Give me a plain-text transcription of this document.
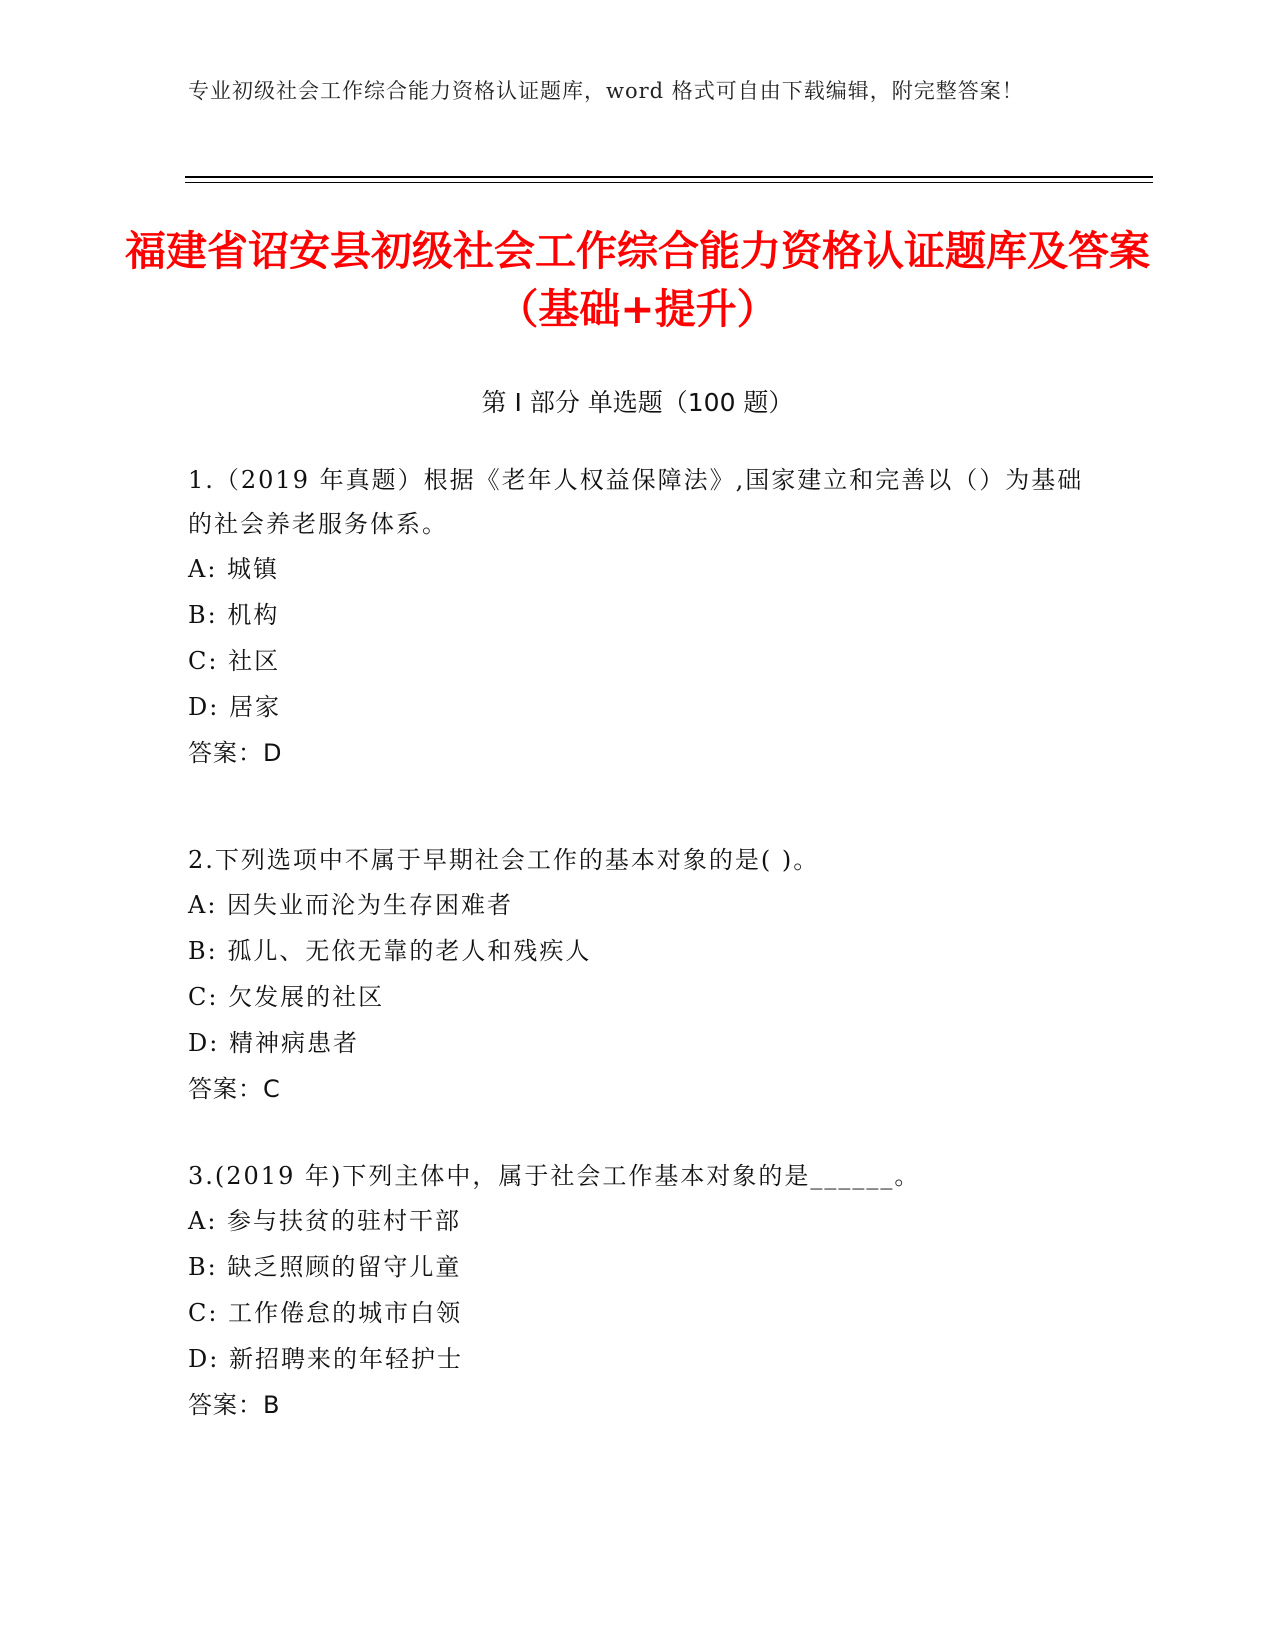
专业初级社会工作综合能力资格认证题库，word 格式可自由下载编辑，附完整答案！
福建省诏安县初级社会工作综合能力资格认证题库及答案（基础+提升）
第 I 部分 单选题（100 题）
1.（2019 年真题）根据《老年人权益保障法》,国家建立和完善以（）为基础的社会养老服务体系。
A: 城镇
B: 机构
C: 社区
D: 居家
答案：D
2.下列选项中不属于早期社会工作的基本对象的是( )。
A: 因失业而沦为生存困难者
B: 孤儿、无依无靠的老人和残疾人
C: 欠发展的社区
D: 精神病患者
答案：C
3.(2019 年)下列主体中，属于社会工作基本对象的是______。
A: 参与扶贫的驻村干部
B: 缺乏照顾的留守儿童
C: 工作倦怠的城市白领
D: 新招聘来的年轻护士
答案：B
